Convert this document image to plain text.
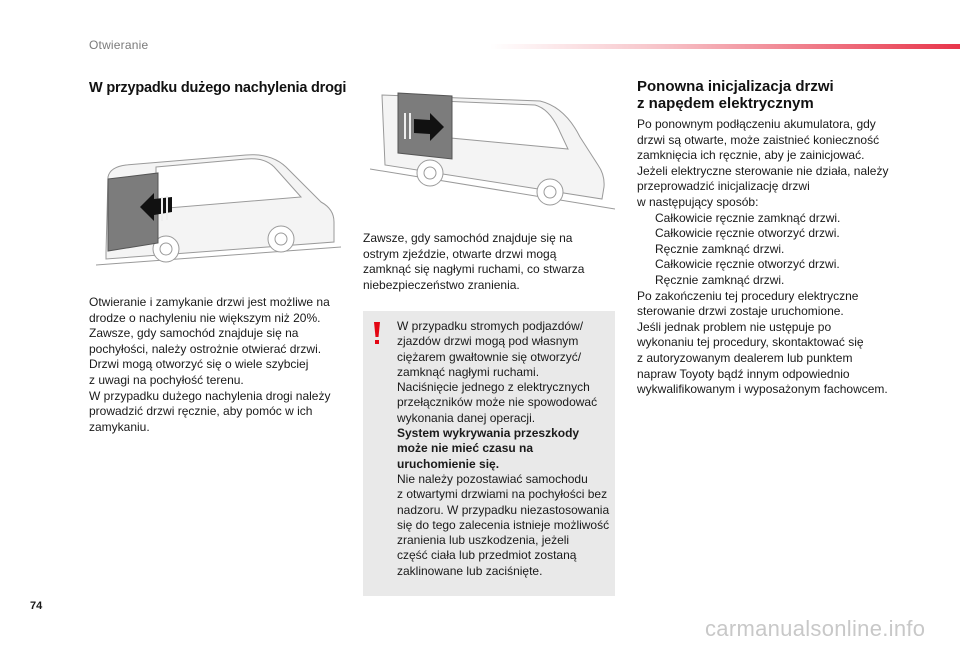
Otwieranie
W przypadku dużego nachylenia drogi

Otwieranie i zamykanie drzwi jest możliwe na
drodze o nachyleniu nie większym niż 20%.
Zawsze, gdy samochód znajduje się na
pochyłości, należy ostrożnie otwierać drzwi.
Drzwi mogą otworzyć się o wiele szybciej
z uwagi na pochyłość terenu.
W przypadku dużego nachylenia drogi należy
prowadzić drzwi ręcznie, aby pomóc w ich
zamykaniu.

Zawsze, gdy samochód znajduje się na
ostrym zjeździe, otwarte drzwi mogą
zamknąć się nagłymi ruchami, co stwarza
niebezpieczeństwo zranienia.

W przypadku stromych podjazdów/
zjazdów drzwi mogą pod własnym
ciężarem gwałtownie się otworzyć/
zamknąć nagłymi ruchami.
Naciśnięcie jednego z elektrycznych
przełączników może nie spowodować
wykonania danej operacji.
System wykrywania przeszkody
może nie mieć czasu na
uruchomienie się.
Nie należy pozostawiać samochodu
z otwartymi drzwiami na pochyłości bez
nadzoru. W przypadku niezastosowania
się do tego zalecenia istnieje możliwość
zranienia lub uszkodzenia, jeżeli
część ciała lub przedmiot zostaną
zaklinowane lub zaciśnięte.
Ponowna inicjalizacja drzwi
z napędem elektrycznym
Po ponownym podłączeniu akumulatora, gdy
drzwi są otwarte, może zaistnieć konieczność
zamknięcia ich ręcznie, aby je zainicjować.
Jeżeli elektryczne sterowanie nie działa, należy
przeprowadzić inicjalizację drzwi
w następujący sposób:
Całkowicie ręcznie zamknąć drzwi.
Całkowicie ręcznie otworzyć drzwi.
Ręcznie zamknąć drzwi.
Całkowicie ręcznie otworzyć drzwi.
Ręcznie zamknąć drzwi.
Po zakończeniu tej procedury elektryczne
sterowanie drzwi zostaje uruchomione.
Jeśli jednak problem nie ustępuje po
wykonaniu tej procedury, skontaktować się
z autoryzowanym dealerem lub punktem
napraw Toyoty bądź innym odpowiednio
wykwalifikowanym i wyposażonym fachowcem.
74
carmanualsonline.info
